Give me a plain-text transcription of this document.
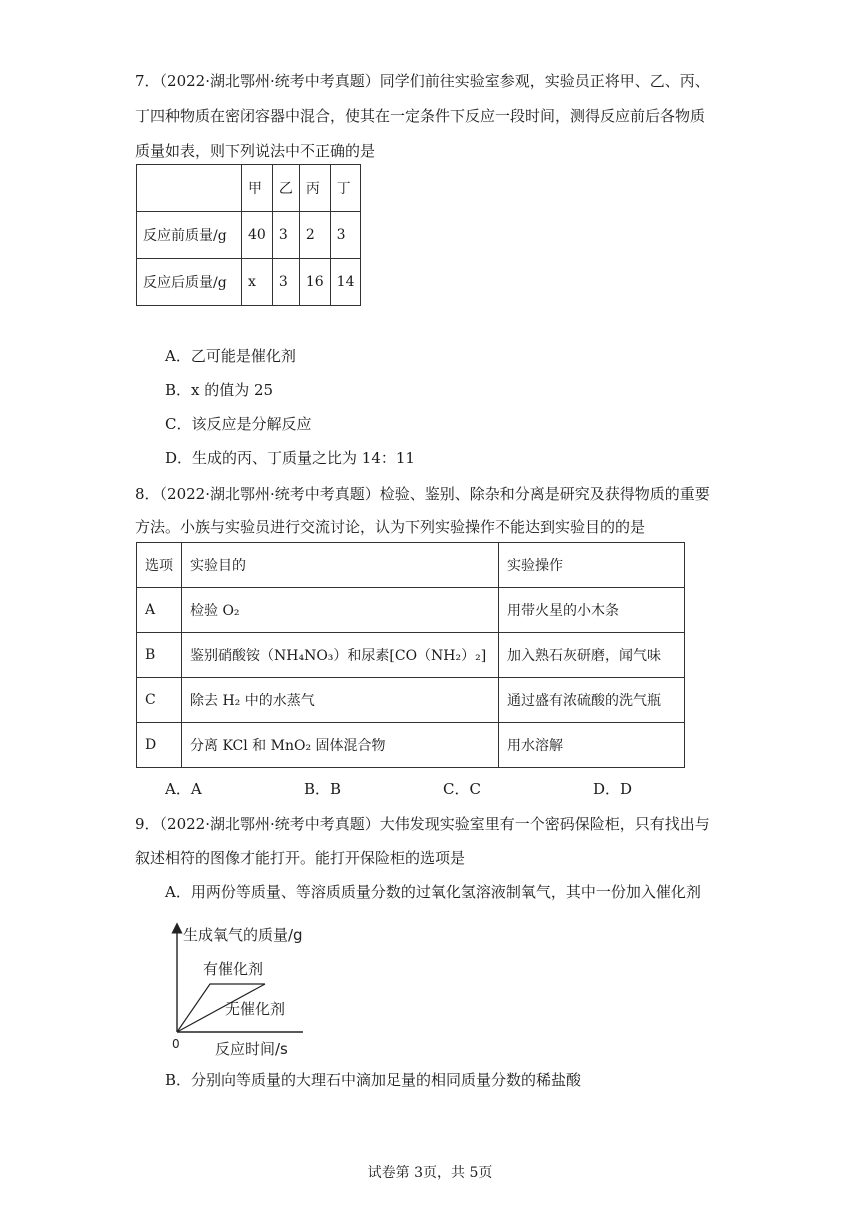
7．（2022·湖北鄂州·统考中考真题）同学们前往实验室参观，实验员正将甲、乙、丙、
丁四种物质在密闭容器中混合，使其在一定条件下反应一段时间，测得反应前后各物质
质量如表，则下列说法中不正确的是
	甲	乙	丙	丁
反应前质量/g	40	3	2	3
反应后质量/g	x	3	16	14
A．乙可能是催化剂
B．x 的值为 25
C．该反应是分解反应
D．生成的丙、丁质量之比为 14：11
8．（2022·湖北鄂州·统考中考真题）检验、鉴别、除杂和分离是研究及获得物质的重要
方法。小族与实验员进行交流讨论，认为下列实验操作不能达到实验目的的是
选项	实验目的	实验操作
A	检验 O₂	用带火星的小木条
B	鉴别硝酸铵（NH₄NO₃）和尿素[CO（NH₂）₂]	加入熟石灰研磨，闻气味
C	除去 H₂ 中的水蒸气	通过盛有浓硫酸的洗气瓶
D	分离 KCl 和 MnO₂ 固体混合物	用水溶解
A．A	B．B	C．C	D．D
9．（2022·湖北鄂州·统考中考真题）大伟发现实验室里有一个密码保险柜，只有找出与
叙述相符的图像才能打开。能打开保险柜的选项是
A．用两份等质量、等溶质质量分数的过氧化氢溶液制氧气，其中一份加入催化剂
生成氧气的质量/g
有催化剂
无催化剂
0 反应时间/s
B．分别向等质量的大理石中滴加足量的相同质量分数的稀盐酸
试卷第 3页，共 5页
